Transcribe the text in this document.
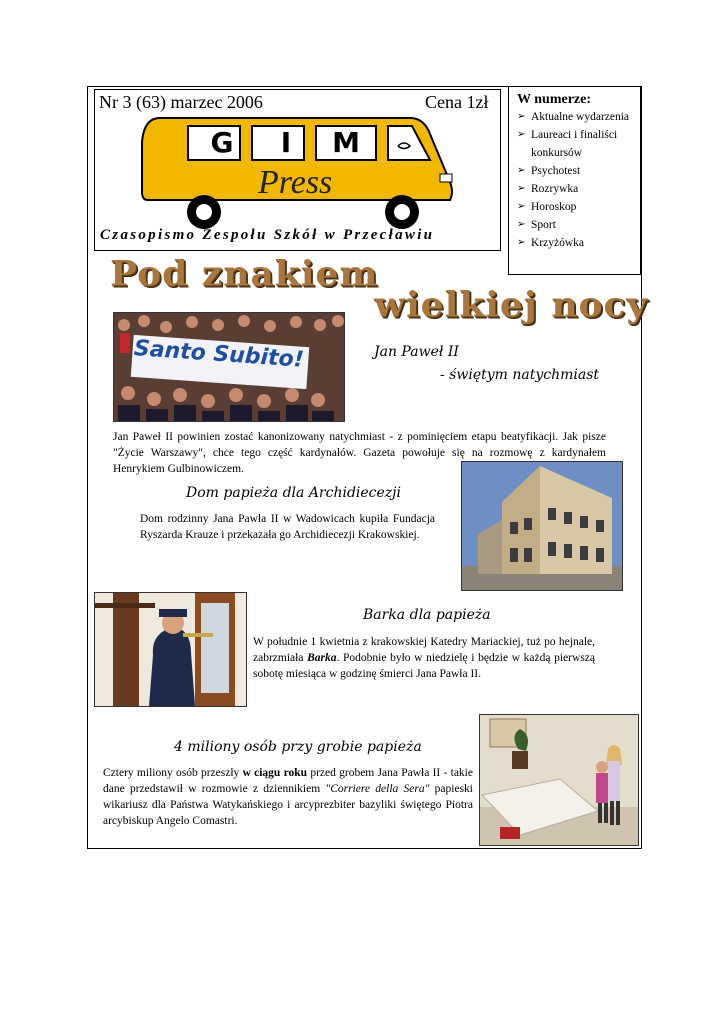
Nr 3 (63) marzec 2006	Cena 1zł
G	I	M
Press
Czasopismo Zespołu Szkół w Przecławiu
W numerze:
➢ Aktualne wydarzenia
➢ Laureaci i finaliści konkursów
➢ Psychotest
➢ Rozrywka
➢ Horoskop
➢ Sport
➢ Krzyżówka
Pod znakiem
wielkiej nocy
Santo Subito!	Jan Paweł II
- świętym natychmiast
Jan Paweł II powinien zostać kanonizowany natychmiast - z pominięciem etapu beatyfikacji. Jak pisze "Życie Warszawy", chce tego część kardynałów. Gazeta powołuje się na rozmowę z kardynałem Henrykiem Gulbinowiczem.
Dom papieża dla Archidiecezji
Dom rodzinny Jana Pawła II w Wadowicach kupiła Fundacja Ryszarda Krauze i przekazała go Archidiecezji Krakowskiej.
Barka dla papieża
W południe 1 kwietnia z krakowskiej Katedry Mariackiej, tuż po hejnale, zabrzmiała Barka. Podobnie było w niedzielę i będzie w każdą pierwszą sobotę miesiąca w godzinę śmierci Jana Pawła II.
4 miliony osób przy grobie papieża
Cztery miliony osób przeszły w ciągu roku przed grobem Jana Pawła II - takie dane przedstawił w rozmowie z dziennikiem "Corriere della Sera" papieski wikariusz dla Państwa Watykańskiego i arcyprezbiter bazyliki świętego Piotra arcybiskup Angelo Comastri.
